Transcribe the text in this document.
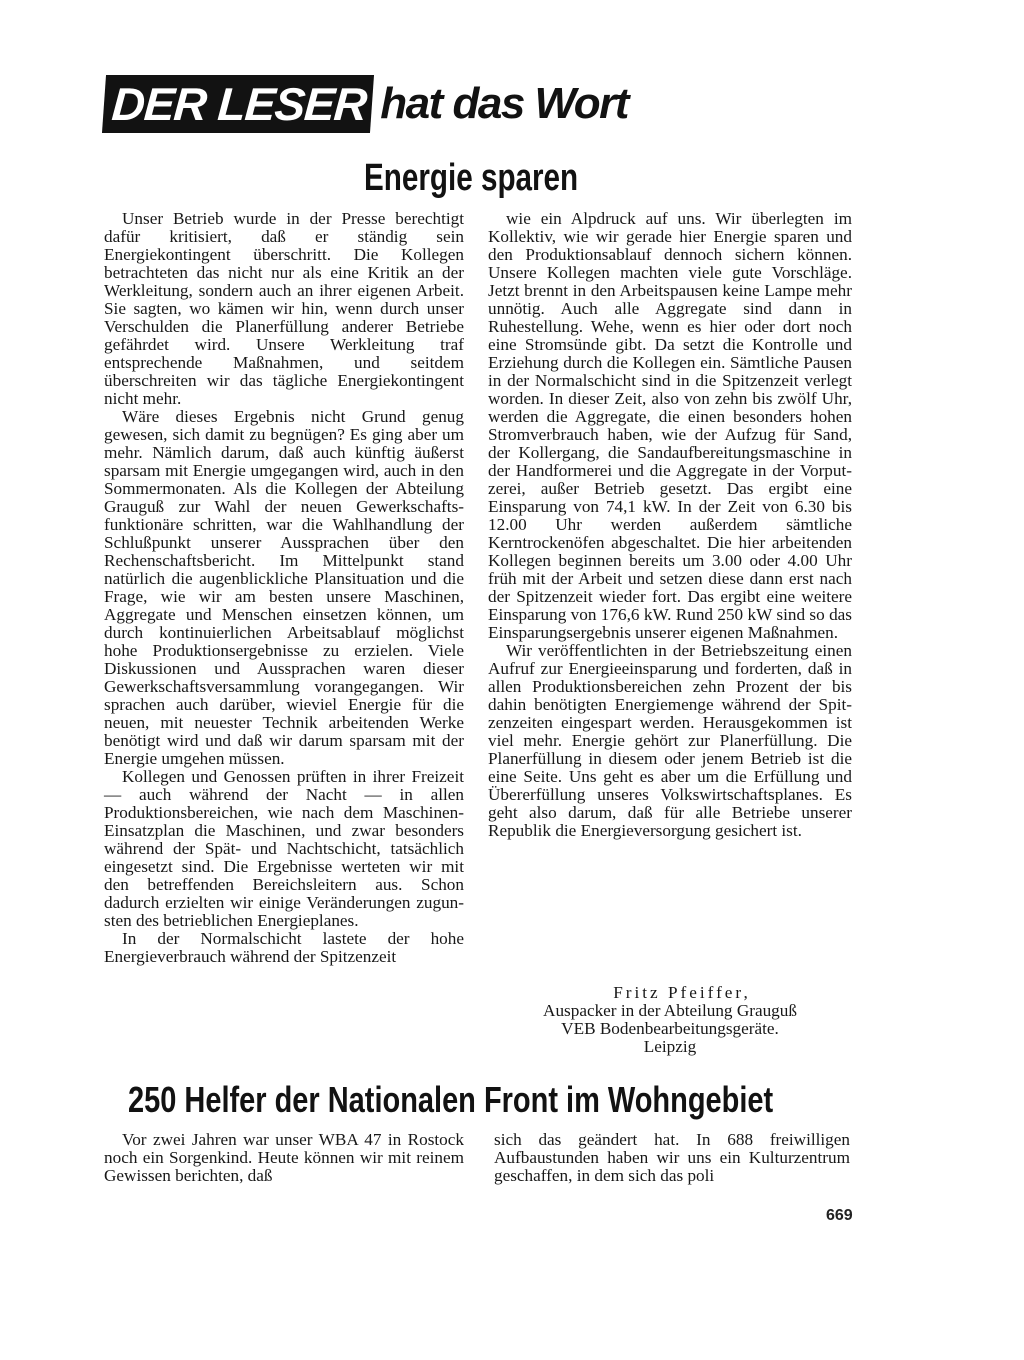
DER LESER hat das Wort
Energie sparen

Unser Betrieb wurde in der Presse berechtigt dafür kritisiert, daß er ständig sein Energiekontingent überschritt. Die Kollegen betrachteten das nicht nur als eine Kritik an der Werkleitung, sondern auch an ihrer eigenen Arbeit. Sie sagten, wo kämen wir hin, wenn durch unser Verschulden die Planerfüllung anderer Betriebe gefährdet wird. Unsere Werkleitung traf entsprechende Maßnahmen, und seitdem überschreiten wir das tägliche Energiekontingent nicht mehr.

Wäre dieses Ergebnis nicht Grund genug gewesen, sich damit zu begnügen? Es ging aber um mehr. Nämlich darum, daß auch künftig äußerst sparsam mit Energie umgegangen wird, auch in den Sommermonaten. Als die Kollegen der Abteilung Grauguß zur Wahl der neuen Gewerkschaftsfunktionäre schritten, war die Wahlhandlung der Schlußpunkt unserer Aussprachen über den Rechenschaftsbericht. Im Mittelpunkt stand natürlich die augenblickliche Plansituation und die Frage, wie wir am besten unsere Maschinen, Aggregate und Menschen einsetzen können, um durch kontinuierlichen Arbeitsablauf möglichst hohe Produktionsergebnisse zu erzielen. Viele Diskussionen und Aussprachen waren dieser Gewerkschaftsversammlung vorangegangen. Wir sprachen auch darüber, wieviel Energie für die neuen, mit neuester Technik arbeitenden Werke benötigt wird und daß wir darum sparsam mit der Energie umgehen müssen.

Kollegen und Genossen prüften in ihrer Freizeit — auch während der Nacht — in allen Produktionsbereichen, wie nach dem Maschinen-Einsatzplan die Maschinen, und zwar besonders während der Spät- und Nachtschicht, tatsächlich eingesetzt sind. Die Ergebnisse werteten wir mit den betreffenden Bereichsleitern aus. Schon dadurch erzielten wir einige Veränderungen zugunsten des betrieblichen Energieplanes.

In der Normalschicht lastete der hohe Energieverbrauch während der Spitzenzeit

wie ein Alpdruck auf uns. Wir überlegten im Kollektiv, wie wir gerade hier Energie sparen und den Produktionsablauf dennoch sichern können. Unsere Kollegen machten viele gute Vorschläge. Jetzt brennt in den Arbeitspausen keine Lampe mehr unnötig. Auch alle Aggregate sind dann in Ruhestellung. Wehe, wenn es hier oder dort noch eine Stromsünde gibt. Da setzt die Kontrolle und Erziehung durch die Kollegen ein. Sämtliche Pausen in der Normalschicht sind in die Spitzenzeit verlegt worden. In dieser Zeit, also von zehn bis zwölf Uhr, werden die Aggregate, die einen besonders hohen Stromverbrauch haben, wie der Aufzug für Sand, der Kollergang, die Sandaufbereitungsmaschine in der Handformerei und die Aggregate in der Vorputzerei, außer Betrieb gesetzt. Das ergibt eine Einsparung von 74,1 kW. In der Zeit von 6.30 bis 12.00 Uhr werden außerdem sämtliche Kerntrockenöfen abgeschaltet. Die hier arbeitenden Kollegen beginnen bereits um 3.00 oder 4.00 Uhr früh mit der Arbeit und setzen diese dann erst nach der Spitzenzeit wieder fort. Das ergibt eine weitere Einsparung von 176,6 kW. Rund 250 kW sind so das Einsparungsergebnis unserer eigenen Maßnahmen.

Wir veröffentlichten in der Betriebszeitung einen Aufruf zur Energieeinsparung und forderten, daß in allen Produktionsbereichen zehn Prozent der bis dahin benötigten Energiemenge während der Spitzenzeiten eingespart werden. Herausgekommen ist viel mehr. Energie gehört zur Planerfüllung. Die Planerfüllung in diesem oder jenem Betrieb ist die eine Seite. Uns geht es aber um die Erfüllung und Übererfüllung unseres Volkswirtschaftsplanes. Es geht also darum, daß für alle Betriebe unserer Republik die Energieversorgung gesichert ist.

Fritz Pfeiffer,
Auspacker in der Abteilung Grauguß
VEB Bodenbearbeitungsgeräte.
Leipzig
250 Helfer der Nationalen Front im Wohngebiet

Vor zwei Jahren war unser WBA 47 in Rostock noch ein Sorgenkind. Heute können wir mit reinem Gewissen berichten, daß

sich das geändert hat. In 688 freiwilligen Aufbaustunden haben wir uns ein Kulturzentrum geschaffen, in dem sich das poli

669
